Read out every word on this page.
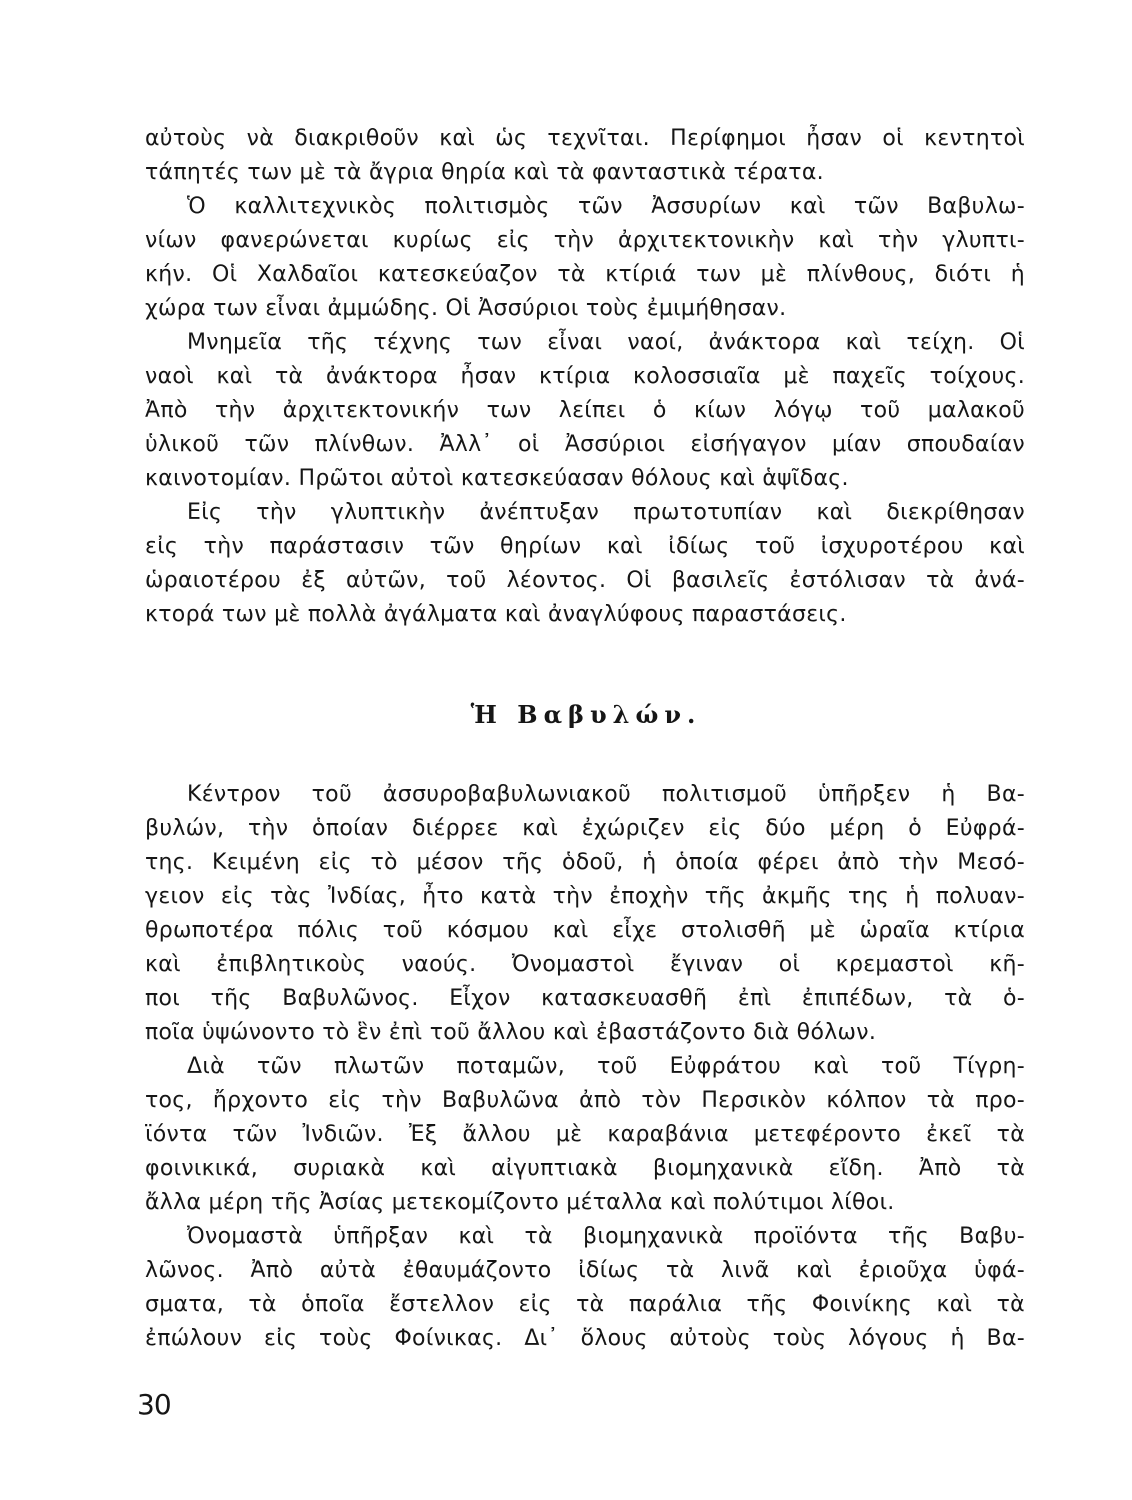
αὐτοὺς νὰ διακριθοῦν καὶ ὡς τεχνῖται. Περίφημοι ἦσαν οἱ κεντητοὶ
τάπητές των μὲ τὰ ἄγρια θηρία καὶ τὰ φανταστικὰ τέρατα.
Ὁ καλλιτεχνικὸς πολιτισμὸς τῶν Ἀσσυρίων καὶ τῶν Βαβυλω-
νίων φανερώνεται κυρίως εἰς τὴν ἀρχιτεκτονικὴν καὶ τὴν γλυπτι-
κήν. Οἱ Χαλδαῖοι κατεσκεύαζον τὰ κτίριά των μὲ πλίνθους, διότι ἡ
χώρα των εἶναι ἀμμώδης. Οἱ Ἀσσύριοι τοὺς ἐμιμήθησαν.
Μνημεῖα τῆς τέχνης των εἶναι ναοί, ἀνάκτορα καὶ τείχη. Οἱ
ναοὶ καὶ τὰ ἀνάκτορα ἦσαν κτίρια κολοσσιαῖα μὲ παχεῖς τοίχους.
Ἀπὸ τὴν ἀρχιτεκτονικήν των λείπει ὁ κίων λόγῳ τοῦ μαλακοῦ
ὑλικοῦ τῶν πλίνθων. Ἀλλ᾽ οἱ Ἀσσύριοι εἰσήγαγον μίαν σπουδαίαν
καινοτομίαν. Πρῶτοι αὐτοὶ κατεσκεύασαν θόλους καὶ ἁψῖδας.
Εἰς τὴν γλυπτικὴν ἀνέπτυξαν πρωτοτυπίαν καὶ διεκρίθησαν
εἰς τὴν παράστασιν τῶν θηρίων καὶ ἰδίως τοῦ ἰσχυροτέρου καὶ
ὡραιοτέρου ἐξ αὐτῶν, τοῦ λέοντος. Οἱ βασιλεῖς ἐστόλισαν τὰ ἀνά-
κτορά των μὲ πολλὰ ἀγάλματα καὶ ἀναγλύφους παραστάσεις.
Ἡ Βαβυλών.
Κέντρον τοῦ ἀσσυροβαβυλωνιακοῦ πολιτισμοῦ ὑπῆρξεν ἡ Βα-
βυλών, τὴν ὁποίαν διέρρεε καὶ ἐχώριζεν εἰς δύο μέρη ὁ Εὐφρά-
της. Κειμένη εἰς τὸ μέσον τῆς ὁδοῦ, ἡ ὁποία φέρει ἀπὸ τὴν Μεσό-
γειον εἰς τὰς Ἰνδίας, ἦτο κατὰ τὴν ἐποχὴν τῆς ἀκμῆς της ἡ πολυαν-
θρωποτέρα πόλις τοῦ κόσμου καὶ εἶχε στολισθῆ μὲ ὡραῖα κτίρια
καὶ ἐπιβλητικοὺς ναούς. Ὀνομαστοὶ ἔγιναν οἱ κρεμαστοὶ κῆ-
ποι τῆς Βαβυλῶνος. Εἶχον κατασκευασθῆ ἐπὶ ἐπιπέδων, τὰ ὁ-
ποῖα ὑψώνοντο τὸ ἓν ἐπὶ τοῦ ἄλλου καὶ ἐβαστάζοντο διὰ θόλων.
Διὰ τῶν πλωτῶν ποταμῶν, τοῦ Εὐφράτου καὶ τοῦ Τίγρη-
τος, ἤρχοντο εἰς τὴν Βαβυλῶνα ἀπὸ τὸν Περσικὸν κόλπον τὰ προ-
ϊόντα τῶν Ἰνδιῶν. Ἐξ ἄλλου μὲ καραβάνια μετεφέροντο ἐκεῖ τὰ
φοινικικά, συριακὰ καὶ αἰγυπτιακὰ βιομηχανικὰ εἴδη. Ἀπὸ τὰ
ἄλλα μέρη τῆς Ἀσίας μετεκομίζοντο μέταλλα καὶ πολύτιμοι λίθοι.
Ὀνομαστὰ ὑπῆρξαν καὶ τὰ βιομηχανικὰ προϊόντα τῆς Βαβυ-
λῶνος. Ἀπὸ αὐτὰ ἐθαυμάζοντο ἰδίως τὰ λινᾶ καὶ ἐριοῦχα ὑφά-
σματα, τὰ ὁποῖα ἔστελλον εἰς τὰ παράλια τῆς Φοινίκης καὶ τὰ
ἐπώλουν εἰς τοὺς Φοίνικας. Δι᾽ ὅλους αὐτοὺς τοὺς λόγους ἡ Βα-
30
